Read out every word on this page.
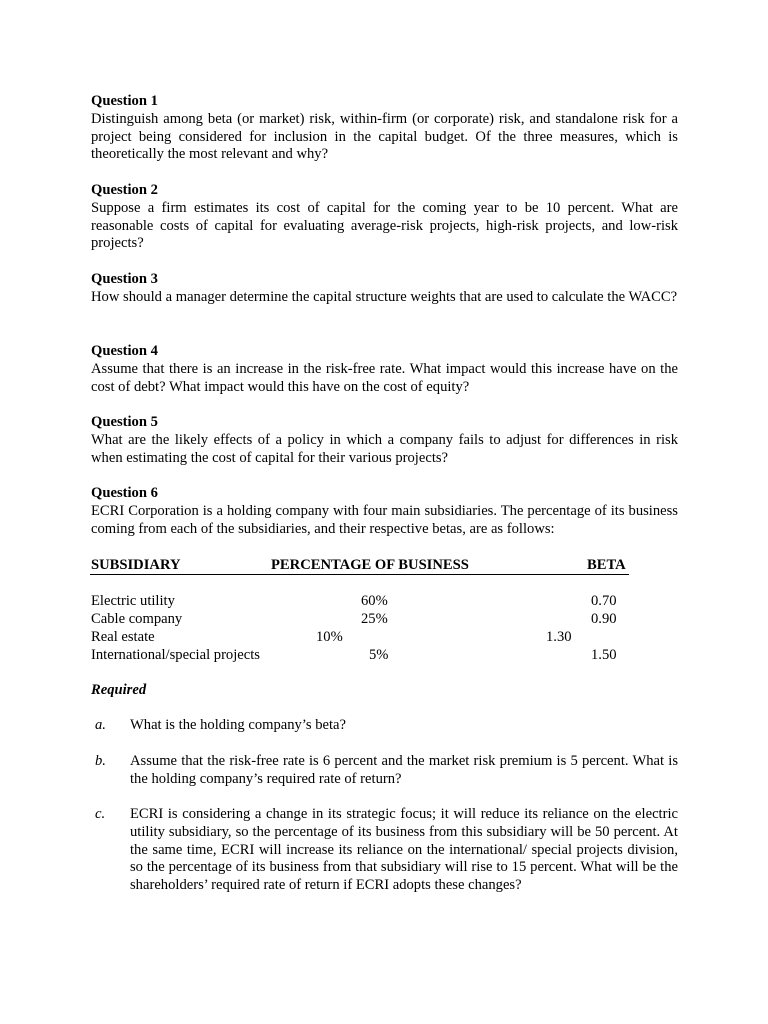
Question 1
Distinguish among beta (or market) risk, within-firm (or corporate) risk, and standalone risk for a project being considered for inclusion in the capital budget. Of the three measures, which is theoretically the most relevant and why?
Question 2
Suppose a firm estimates its cost of capital for the coming year to be 10 percent. What are reasonable costs of capital for evaluating average-risk projects, high-risk projects, and low-risk projects?
Question 3
How should a manager determine the capital structure weights that are used to calculate the WACC?
Question 4
Assume that there is an increase in the risk-free rate. What impact would this increase have on the cost of debt? What impact would this have on the cost of equity?
Question 5
What are the likely effects of a policy in which a company fails to adjust for differences in risk when estimating the cost of capital for their various projects?
Question 6
ECRI Corporation is a holding company with four main subsidiaries. The percentage of its business coming from each of the subsidiaries, and their respective betas, are as follows:
SUBSIDIARY	PERCENTAGE OF BUSINESS	BETA
Electric utility	60%	0.70
Cable company	25%	0.90
Real estate	10%	1.30
International/special projects	5%	1.50
Required
a. What is the holding company’s beta?
b. Assume that the risk-free rate is 6 percent and the market risk premium is 5 percent. What is the holding company’s required rate of return?
c. ECRI is considering a change in its strategic focus; it will reduce its reliance on the electric utility subsidiary, so the percentage of its business from this subsidiary will be 50 percent. At the same time, ECRI will increase its reliance on the international/ special projects division, so the percentage of its business from that subsidiary will rise to 15 percent. What will be the shareholders’ required rate of return if ECRI adopts these changes?
